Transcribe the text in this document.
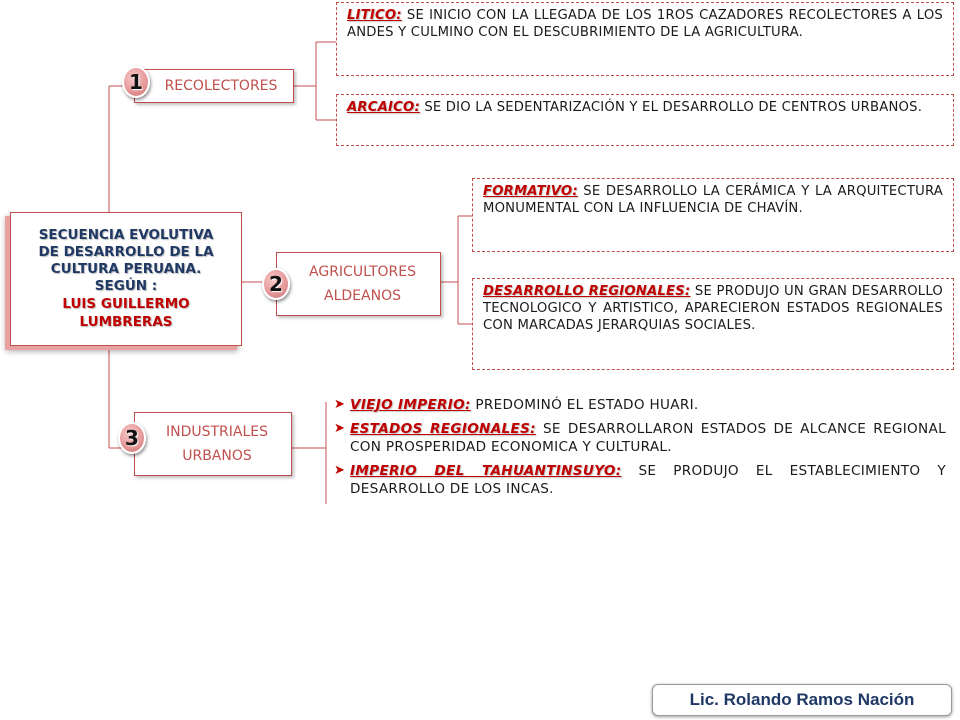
SECUENCIA EVOLUTIVA
DE DESARROLLO DE LA
CULTURA PERUANA.
SEGÚN :
LUIS GUILLERMO
LUMBRERAS
RECOLECTORES
1
LITICO: SE INICIO CON LA LLEGADA DE LOS 1ROS CAZADORES RECOLECTORES A LOS ANDES Y CULMINO CON EL DESCUBRIMIENTO DE LA AGRICULTURA.
ARCAICO: SE DIO LA SEDENTARIZACIÓN Y EL DESARROLLO DE CENTROS URBANOS.
AGRICULTORES
ALDEANOS
2
FORMATIVO: SE DESARROLLO LA CERÁMICA Y LA ARQUITECTURA MONUMENTAL CON LA INFLUENCIA DE CHAVÍN.
DESARROLLO REGIONALES: SE PRODUJO UN GRAN DESARROLLO TECNOLOGICO Y ARTISTICO, APARECIERON ESTADOS REGIONALES CON MARCADAS JERARQUIAS SOCIALES.
INDUSTRIALES
URBANOS
3
➤ VIEJO IMPERIO: PREDOMINÓ EL ESTADO HUARI.
➤ ESTADOS REGIONALES: SE DESARROLLARON ESTADOS DE ALCANCE REGIONAL CON PROSPERIDAD ECONOMICA Y CULTURAL.
➤ IMPERIO DEL TAHUANTINSUYO: SE PRODUJO EL ESTABLECIMIENTO Y DESARROLLO DE LOS INCAS.
Lic. Rolando Ramos Nación
